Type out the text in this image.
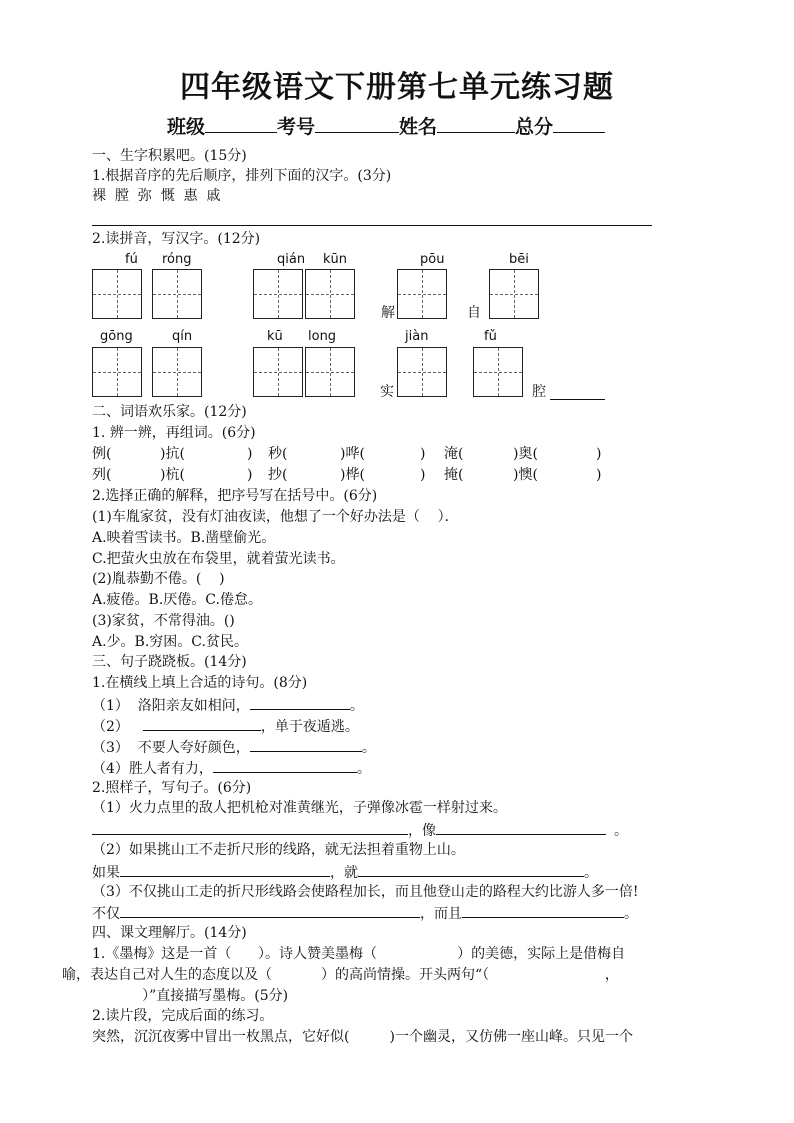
四年级语文下册第七单元练习题
班级	考号	姓名	总分
一、生字积累吧。(15分)
1.根据音序的先后顺序，排列下面的汉字。(3分)
裸  膛  弥  慨  惠  戚
2.读拼音，写汉字。(12分)
fú róng	qián kūn	pōu	bēi
解	自
gōng	qín	kū long	jiàn	fǔ
实	腔
二、词语欢乐家。(12分)
1. 辨一辨，再组词。(6分)
例(	)抗(	) 秒(	)哗(	) 淹(	)奥(	)
列(	)杭(	) 抄(	)桦(	) 掩(	)懊(	)
2.选择正确的解释，把序号写在括号中。(6分)
(1)车胤家贫，没有灯油夜读，他想了一个好办法是（    ）．
A.映着雪读书。B.凿壁偷光。
C.把萤火虫放在布袋里，就着萤光读书。
(2)胤恭勤不倦。(    )
A.疲倦。B.厌倦。C.倦怠。
(3)家贫，不常得油。()
A.少。B.穷困。C.贫民。
三、句子跷跷板。(14分)
1.在横线上填上合适的诗句。(8分)
（1）  洛阳亲友如相问，	。
（2）	，单于夜遁逃。
（3）  不要人夸好颜色，	。
（4）胜人者有力，	。
2.照样子，写句子。(6分)
（1）火力点里的敌人把机枪对准黄继光，子弹像冰雹一样射过来。
，像	。
（2）如果挑山工不走折尺形的线路，就无法担着重物上山。
如果	，就	。
（3）不仅挑山工走的折尺形线路会使路程加长，而且他登山走的路程大约比游人多一倍!
不仅	，而且	。
四、课文理解厅。(14分)
1.《墨梅》这是一首（      ）。诗人赞美墨梅（                  ）的美德，实际上是借梅自
喻，表达自己对人生的态度以及（           ）的高尚情操。开头两句“（                          ，
）”直接描写墨梅。(5分)
2.读片段，完成后面的练习。
突然，沉沉夜雾中冒出一枚黑点，它好似(         )一个幽灵，又仿佛一座山峰。只见一个
